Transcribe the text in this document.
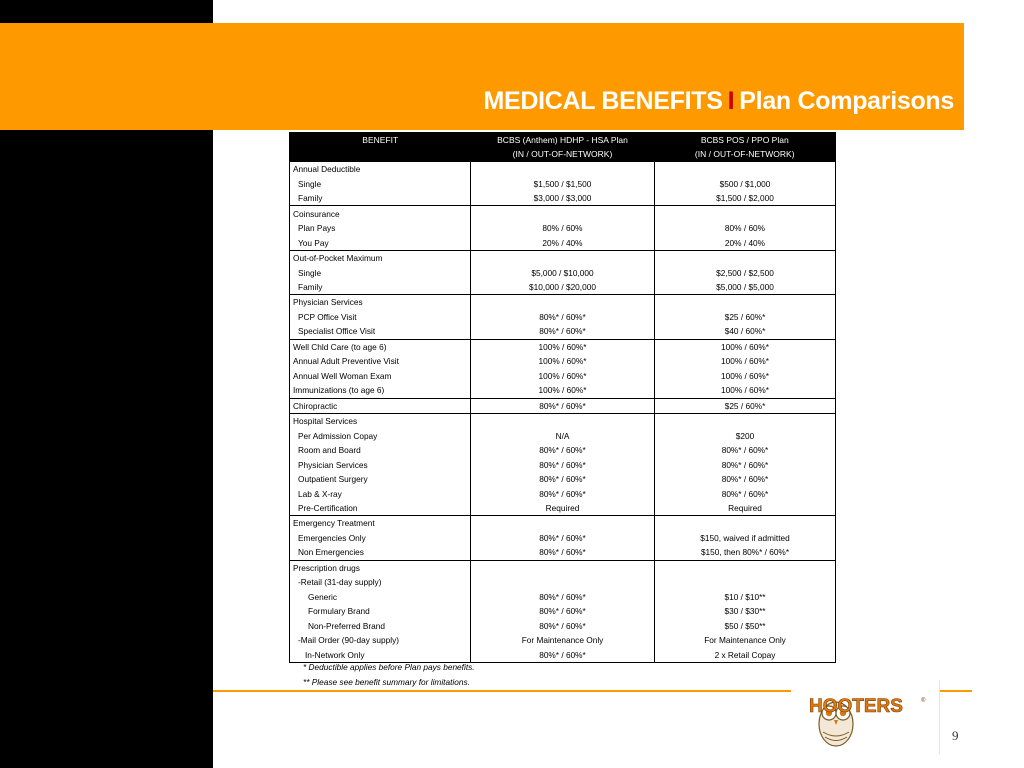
MEDICAL BENEFITS I Plan Comparisons
BENEFIT	BCBS (Anthem) HDHP - HSA Plan	BCBS POS / PPO Plan
	(IN / OUT-OF-NETWORK)	(IN / OUT-OF-NETWORK)
Annual Deductible		
Single	$1,500 / $1,500	$500 / $1,000
Family	$3,000 / $3,000	$1,500 / $2,000
Coinsurance		
Plan Pays	80% / 60%	80% / 60%
You Pay	20% / 40%	20% / 40%
Out-of-Pocket Maximum		
Single	$5,000 / $10,000	$2,500 / $2,500
Family	$10,000 / $20,000	$5,000 / $5,000
Physician Services		
PCP Office Visit	80%* / 60%*	$25 / 60%*
Specialist Office Visit	80%* / 60%*	$40 / 60%*
Well Chld Care (to age 6)	100% / 60%*	100% / 60%*
Annual Adult Preventive Visit	100% / 60%*	100% / 60%*
Annual Well Woman Exam	100% / 60%*	100% / 60%*
Immunizations (to age 6)	100% / 60%*	100% / 60%*
Chiropractic	80%* / 60%*	$25 / 60%*
Hospital Services		
Per Admission Copay	N/A	$200
Room and Board	80%* / 60%*	80%* / 60%*
Physician Services	80%* / 60%*	80%* / 60%*
Outpatient Surgery	80%* / 60%*	80%* / 60%*
Lab & X-ray	80%* / 60%*	80%* / 60%*
Pre-Certification	Required	Required
Emergency Treatment		
Emergencies Only	80%* / 60%*	$150, waived if admitted
Non Emergencies	80%* / 60%*	$150, then 80%* / 60%*
Prescription drugs		
-Retail (31-day supply)		
Generic	80%* / 60%*	$10 / $10**
Formulary Brand	80%* / 60%*	$30 / $30**
Non-Preferred Brand	80%* / 60%*	$50 / $50**
-Mail Order (90-day supply)	For Maintenance Only	For Maintenance Only
In-Network Only	80%* / 60%*	2 x Retail Copay
* Deductible applies before Plan pays benefits.
** Please see benefit summary for limitations.
HOOTERS	®
9
